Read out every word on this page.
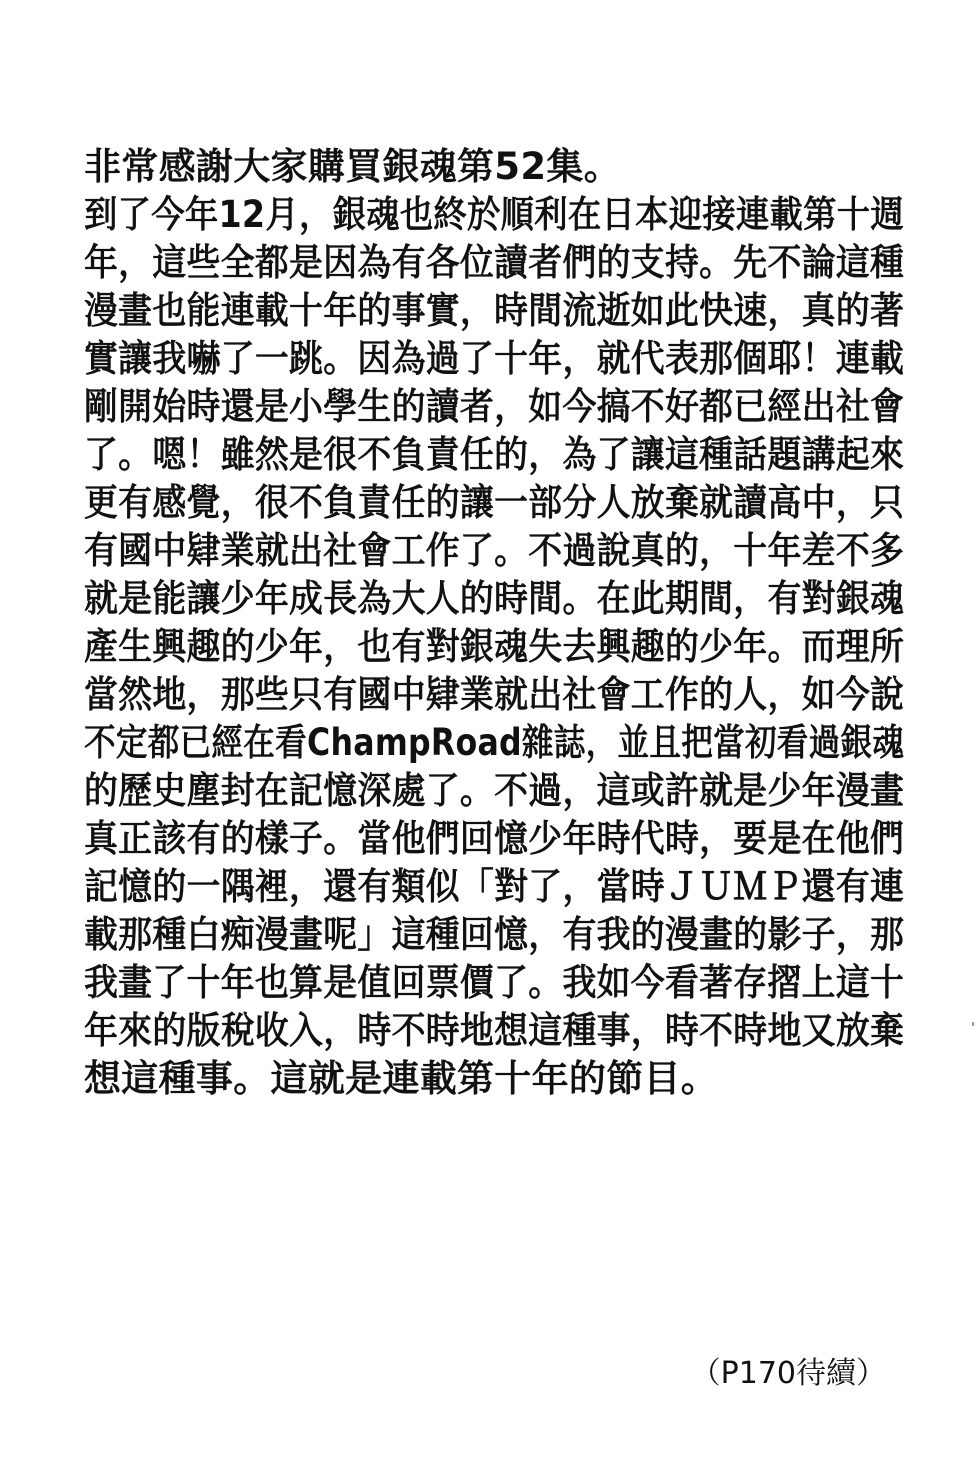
非常感謝大家購買銀魂第52集。
到了今年12月，銀魂也終於順利在日本迎接連載第十週
年，這些全都是因為有各位讀者們的支持。先不論這種
漫畫也能連載十年的事實，時間流逝如此快速，真的著
實讓我嚇了一跳。因為過了十年，就代表那個耶！連載
剛開始時還是小學生的讀者，如今搞不好都已經出社會
了。嗯！雖然是很不負責任的，為了讓這種話題講起來
更有感覺，很不負責任的讓一部分人放棄就讀高中，只
有國中肄業就出社會工作了。不過說真的，十年差不多
就是能讓少年成長為大人的時間。在此期間，有對銀魂
產生興趣的少年，也有對銀魂失去興趣的少年。而理所
當然地，那些只有國中肄業就出社會工作的人，如今說
不定都已經在看ChampRoad雜誌，並且把當初看過銀魂
的歷史塵封在記憶深處了。不過，這或許就是少年漫畫
真正該有的樣子。當他們回憶少年時代時，要是在他們
記憶的一隅裡，還有類似「對了，當時ＪＵＭＰ還有連
載那種白痴漫畫呢」這種回憶，有我的漫畫的影子，那
我畫了十年也算是值回票價了。我如今看著存摺上這十
年來的版稅收入，時不時地想這種事，時不時地又放棄
想這種事。這就是連載第十年的節目。
（P170待續）
